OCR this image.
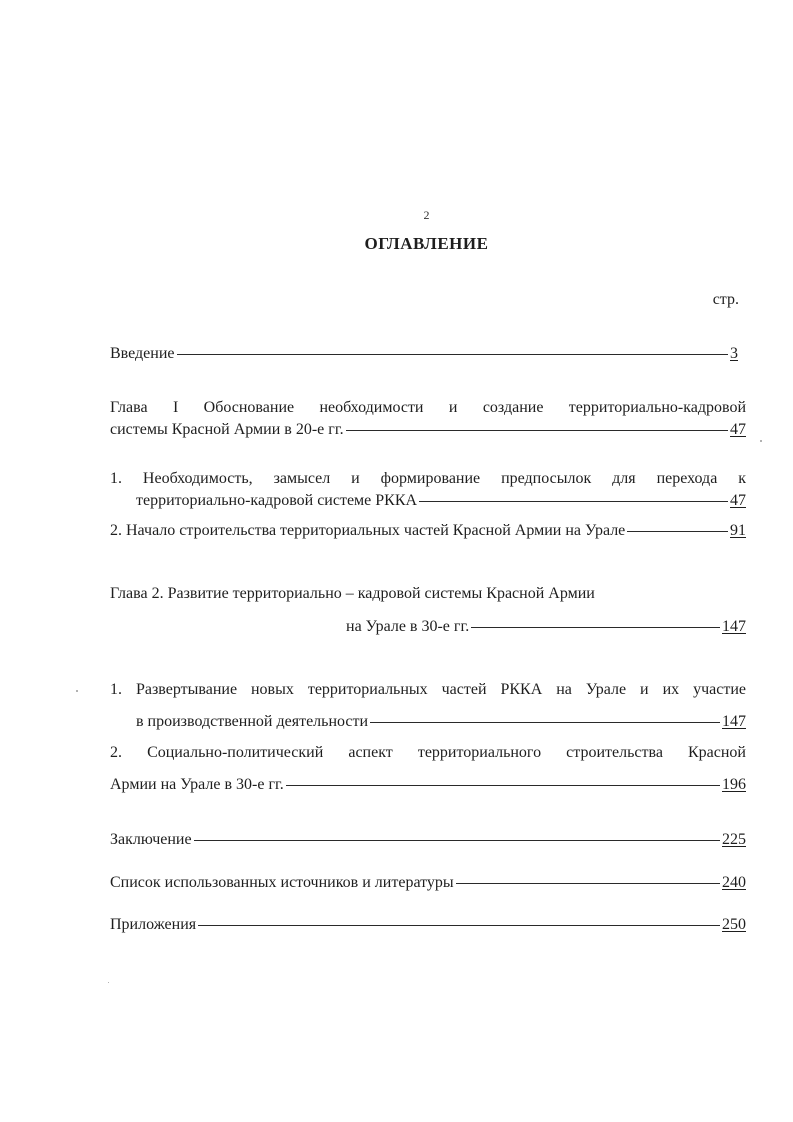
2
ОГЛАВЛЕНИЕ
стр.
Введение	3
Глава I Обоснование необходимости и создание территориально-кадровой
системы Красной Армии в 20-е гг.	47
1. Необходимость, замысел и формирование предпосылок для перехода к
территориально-кадровой системе РККА	47
2. Начало строительства территориальных частей Красной Армии на Урале	91
Глава 2. Развитие территориально – кадровой системы Красной Армии
на Урале в 30-е гг.	147
1. Развертывание новых территориальных частей РККА на Урале и их участие
в производственной деятельности	147
2. Социально-политический аспект территориального строительства Красной
Армии на Урале в 30-е гг.	196
Заключение	225
Список использованных источников и литературы	240
Приложения	250
